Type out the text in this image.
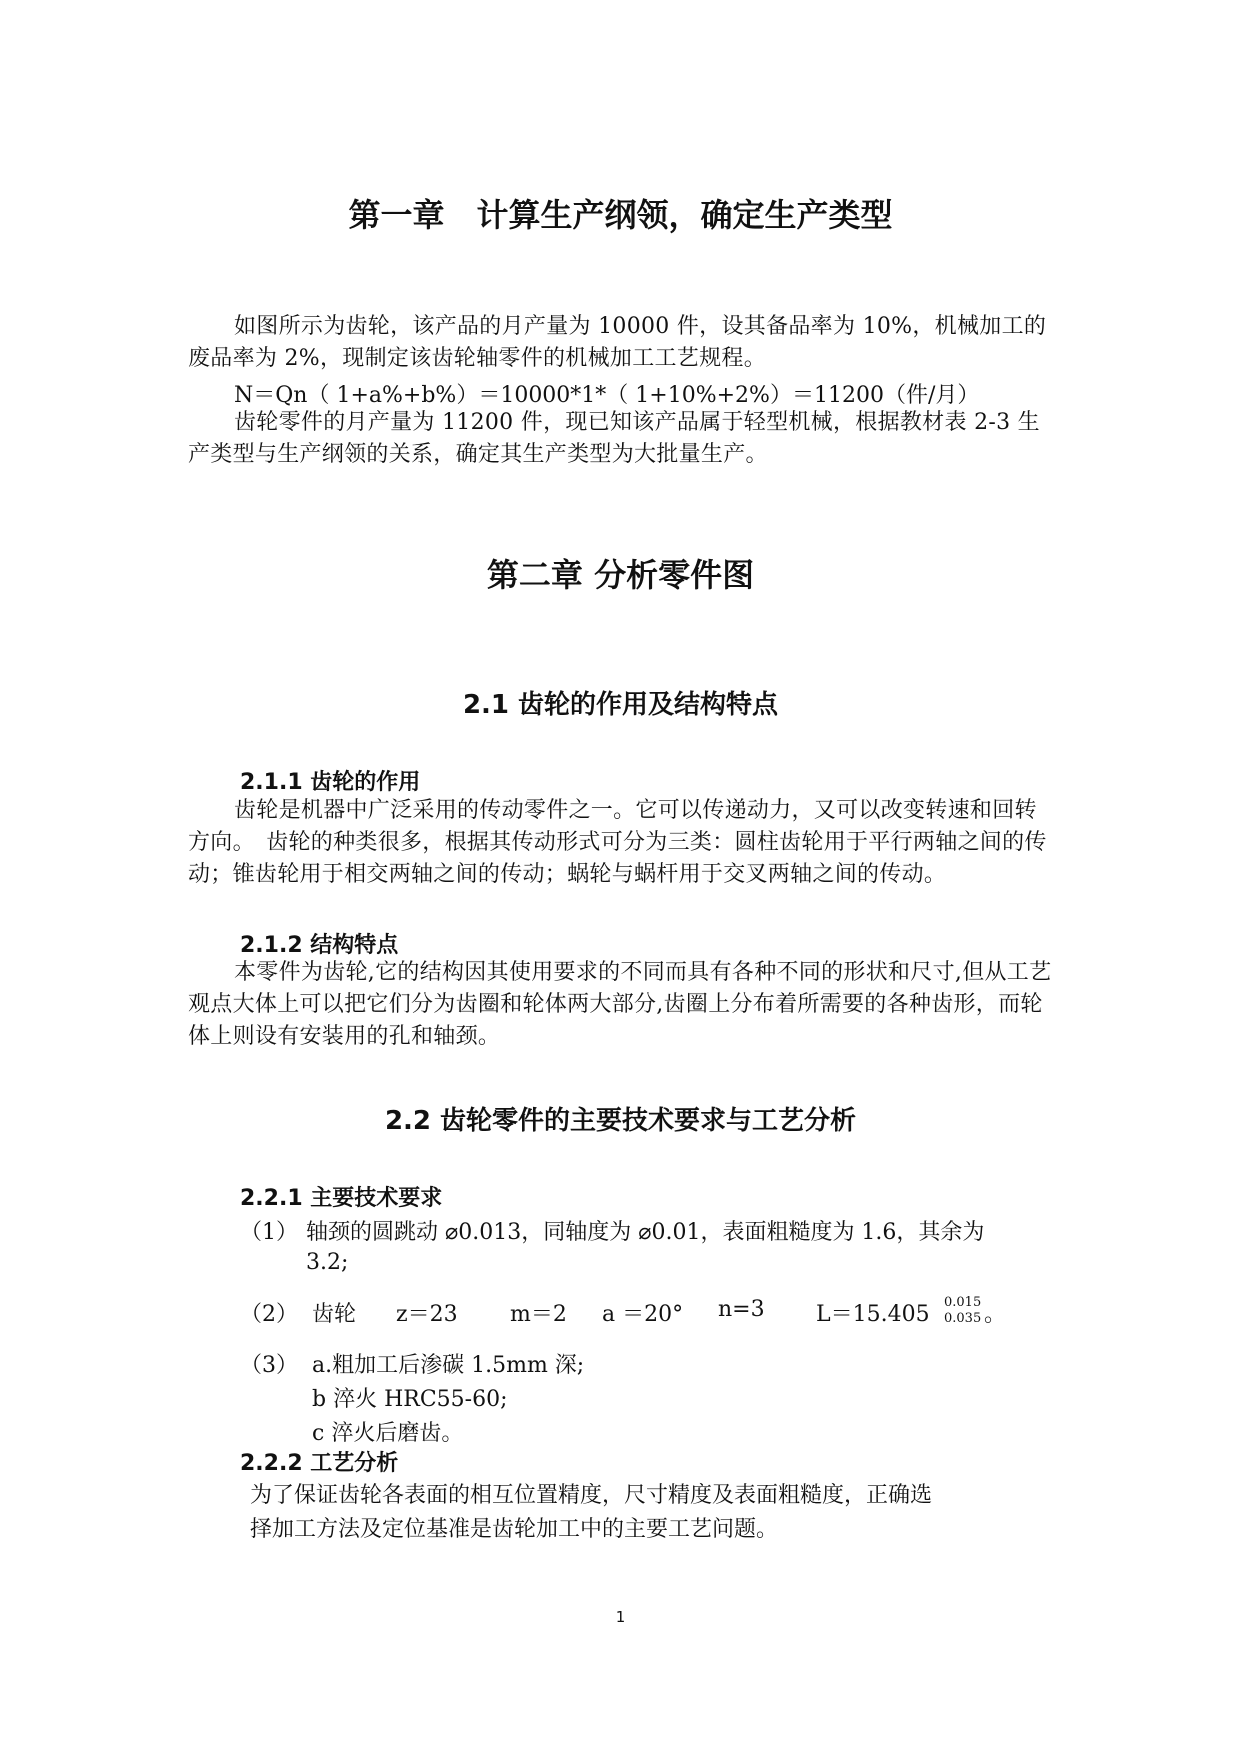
第一章　计算生产纲领，确定生产类型

如图所示为齿轮，该产品的月产量为 10000 件，设其备品率为 10%，机械加工的废品率为 2%，现制定该齿轮轴零件的机械加工工艺规程。

N＝Qn（ 1+a%+b%）＝10000*1*（ 1+10%+2%）＝11200（件/月）

齿轮零件的月产量为 11200 件，现已知该产品属于轻型机械，根据教材表 2-3 生产类型与生产纲领的关系，确定其生产类型为大批量生产。

第二章 分析零件图
2.1 齿轮的作用及结构特点
2.1.1 齿轮的作用

齿轮是机器中广泛采用的传动零件之一。它可以传递动力，又可以改变转速和回转方向。　齿轮的种类很多，根据其传动形式可分为三类：圆柱齿轮用于平行两轴之间的传动；锥齿轮用于相交两轴之间的传动；蜗轮与蜗杆用于交叉两轴之间的传动。

2.1.2 结构特点

本零件为齿轮,它的结构因其使用要求的不同而具有各种不同的形状和尺寸,但从工艺观点大体上可以把它们分为齿圈和轮体两大部分,齿圈上分布着所需要的各种齿形，而轮体上则设有安装用的孔和轴颈。

2.2 齿轮零件的主要技术要求与工艺分析
2.2.1 主要技术要求

（1） 轴颈的圆跳动 ⌀0.013，同轴度为 ⌀0.01，表面粗糙度为 1.6，其余为

3.2;

（2） 齿轮 z＝23 m＝2 a ＝20° n=3 L＝15.405 0.015
0.035 。

（3） a.粗加工后渗碳 1.5mm 深;

b 淬火 HRC55-60;

c 淬火后磨齿。

2.2.2 工艺分析

为了保证齿轮各表面的相互位置精度，尺寸精度及表面粗糙度，正确选

择加工方法及定位基准是齿轮加工中的主要工艺问题。

1
